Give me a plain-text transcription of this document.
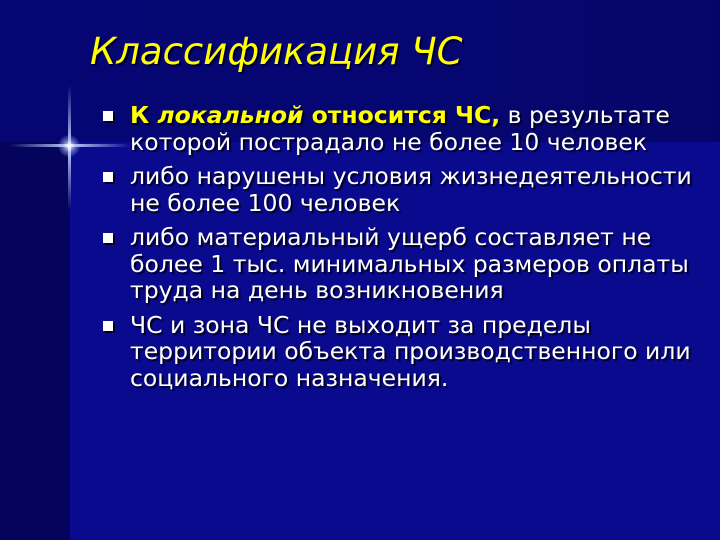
Классификация ЧС
К локальной относится ЧС, в результате которой пострадало не более 10 человек
либо нарушены условия жизнедеятельности не более 100 человек
либо материальный ущерб составляет не более 1 тыс. минимальных размеров оплаты труда на день возникновения
ЧС и зона ЧС не выходит за пределы территории объекта производственного или социального назначения.
